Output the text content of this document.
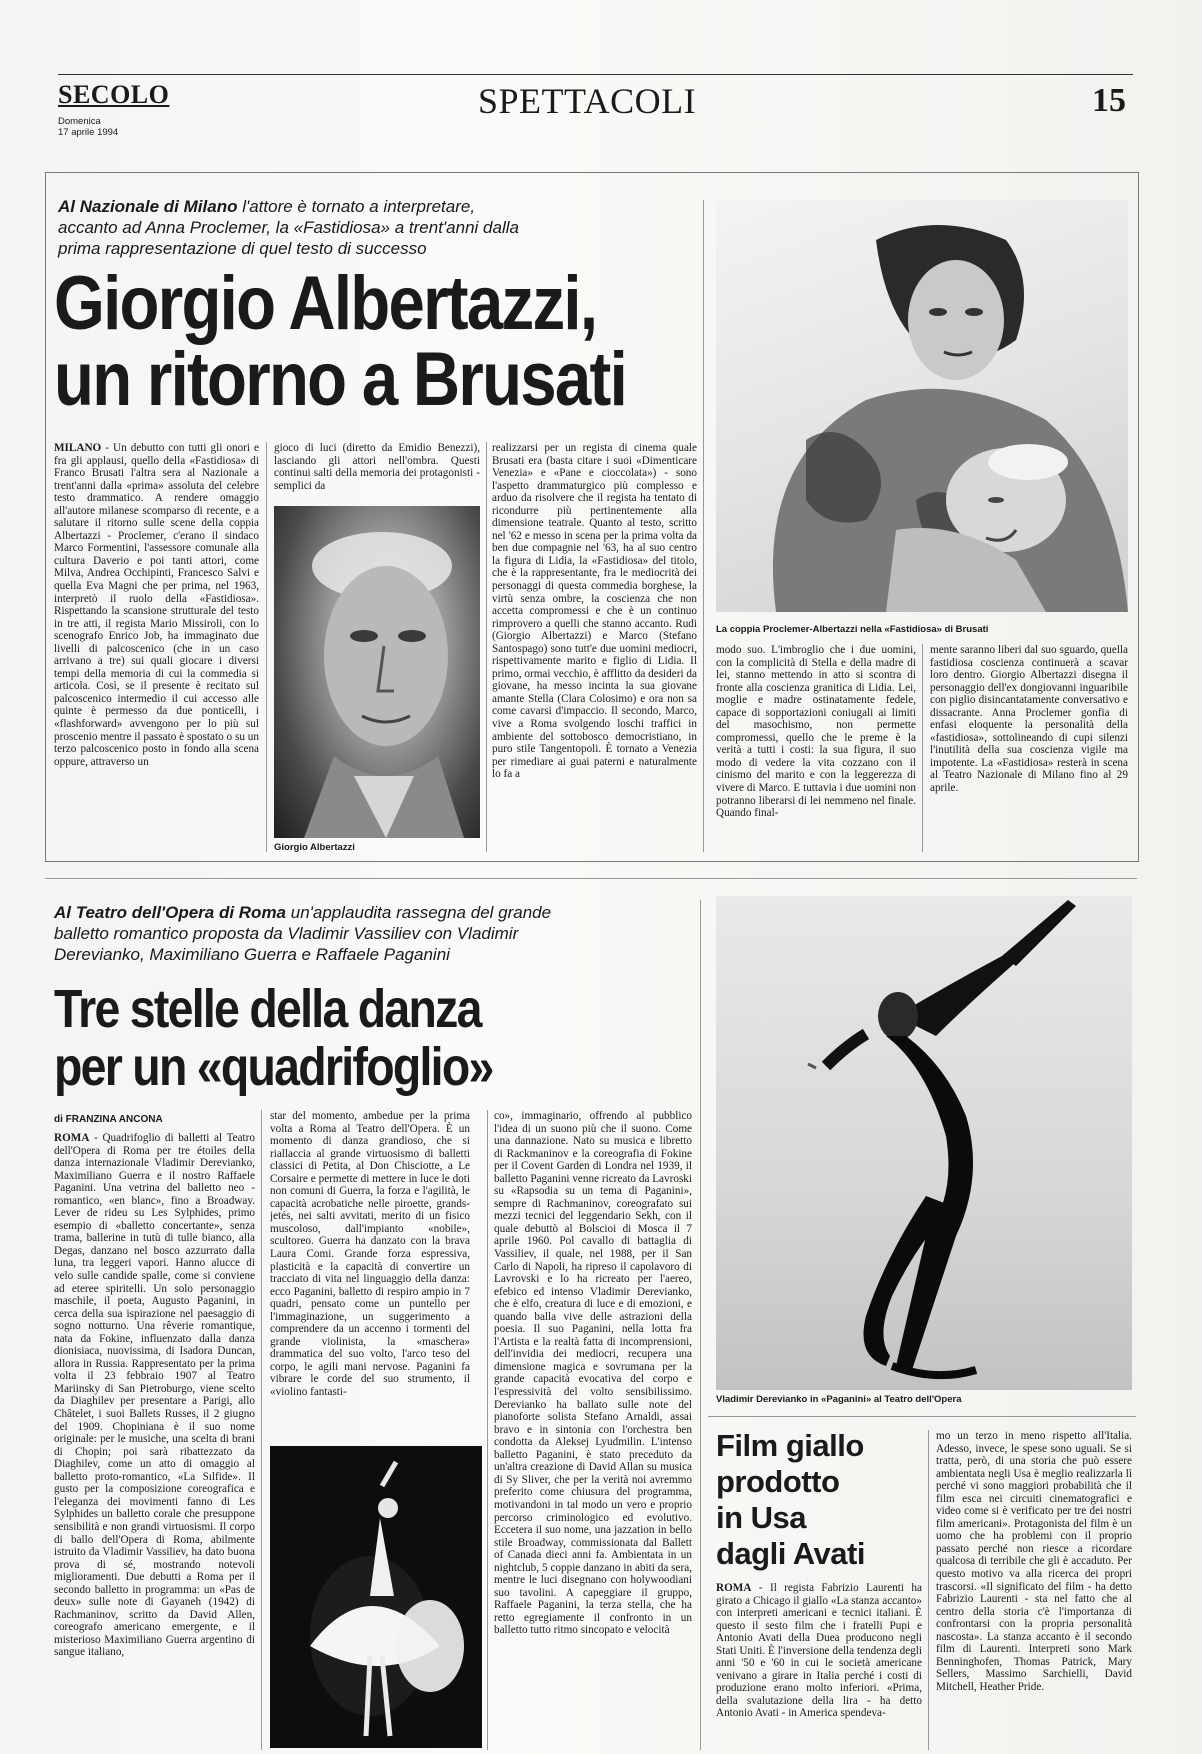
SECOLO
Domenica
17 aprile 1994
SPETTACOLI	15
Al Nazionale di Milano l'attore è tornato a interpretare, accanto ad Anna Proclemer, la «Fastidiosa» a trent'anni dalla prima rappresentazione di quel testo di successo
Giorgio Albertazzi,
un ritorno a Brusati
MILANO - Un debutto con tutti gli onori e fra gli applausi, quello della «Fastidiosa» di Franco Brusati l'altra sera al Nazionale a trent'anni dalla «prima» assoluta del celebre testo drammatico. A rendere omaggio all'autore milanese scomparso di recente, e a salutare il ritorno sulle scene della coppia Albertazzi - Proclemer, c'erano il sindaco Marco Formentini, l'assessore comunale alla cultura Daverio e poi tanti attori, come Milva, Andrea Occhipinti, Francesco Salvi e quella Eva Magni che per prima, nel 1963, interpretò il ruolo della «Fastidiosa». Rispettando la scansione strutturale del testo in tre atti, il regista Mario Missiroli, con lo scenografo Enrico Job, ha immaginato due livelli di palcoscenico (che in un caso arrivano a tre) sui quali giocare i diversi tempi della memoria di cui la commedia si articola. Così, se il presente è recitato sul palcoscenico intermedio il cui accesso alle quinte è permesso da due ponticelli, i «flashforward» avvengono per lo più sul proscenio mentre il passato è spostato o su un terzo palcoscenico posto in fondo alla scena oppure, attraverso un
gioco di luci (diretto da Emidio Benezzi), lasciando gli attori nell'ombra. Questi continui salti della memoria dei protagonisti - semplici da
Giorgio Albertazzi
realizzarsi per un regista di cinema quale Brusati era (basta citare i suoi «Dimenticare Venezia» e «Pane e cioccolata») - sono l'aspetto drammaturgico più complesso e arduo da risolvere che il regista ha tentato di ricondurre più pertinentemente alla dimensione teatrale. Quanto al testo, scritto nel '62 e messo in scena per la prima volta da ben due compagnie nel '63, ha al suo centro la figura di Lidia, la «Fastidiosa» del titolo, che è la rappresentante, fra le mediocrità dei personaggi di questa commedia borghese, la virtù senza ombre, la coscienza che non accetta compromessi e che è un continuo rimprovero a quelli che stanno accanto. Rudi (Giorgio Albertazzi) e Marco (Stefano Santospago) sono tutt'e due uomini mediocri, rispettivamente marito e figlio di Lidia. Il primo, ormai vecchio, è afflitto da desideri da giovane, ha messo incinta la sua giovane amante Stella (Clara Colosimo) e ora non sa come cavarsi d'impaccio. Il secondo, Marco, vive a Roma svolgendo loschi traffici in ambiente del sottobosco democristiano, in puro stile Tangentopoli. È tornato a Venezia per rimediare ai guai paterni e naturalmente lo fa a
La coppia Proclemer-Albertazzi nella «Fastidiosa» di Brusati
modo suo. L'imbroglio che i due uomini, con la complicità di Stella e della madre di lei, stanno mettendo in atto si scontra di fronte alla coscienza granitica di Lidia. Lei, moglie e madre ostinatamente fedele, capace di sopportazioni coniugali ai limiti del masochismo, non permette compromessi, quello che le preme è la verità a tutti i costi: la sua figura, il suo modo di vedere la vita cozzano con il cinismo del marito e con la leggerezza di vivere di Marco. E tuttavia i due uomini non potranno liberarsi di lei nemmeno nel finale. Quando final-
mente saranno liberi dal suo sguardo, quella fastidiosa coscienza continuerà a scavar loro dentro. Giorgio Albertazzi disegna il personaggio dell'ex dongiovanni inguaribile con piglio disincantatamente conversativo e dissacrante. Anna Proclemer gonfia di enfasi eloquente la personalità della «fastidiosa», sottolineando di cupi silenzi l'inutilità della sua coscienza vigile ma impotente. La «Fastidiosa» resterà in scena al Teatro Nazionale di Milano fino al 29 aprile.
Al Teatro dell'Opera di Roma un'applaudita rassegna del grande balletto romantico proposta da Vladimir Vassiliev con Vladimir Derevianko, Maximiliano Guerra e Raffaele Paganini
Tre stelle della danza
per un «quadrifoglio»
di FRANZINA ANCONA
ROMA - Quadrifoglio di balletti al Teatro dell'Opera di Roma per tre étoiles della danza internazionale Vladimir Derevianko, Maximiliano Guerra e il nostro Raffaele Paganini. Una vetrina del balletto neo - romantico, «en blanc», fino a Broadway. Lever de rideu su Les Sylphides, primo esempio di «balletto concertante», senza trama, ballerine in tutù di tulle bianco, alla Degas, danzano nel bosco azzurrato dalla luna, tra leggeri vapori. Hanno alucce di velo sulle candide spalle, come si conviene ad eteree spiritelli. Un solo personaggio maschile, il poeta, Augusto Paganini, in cerca della sua ispirazione nel paesaggio di sogno notturno. Una rêverie romantique, nata da Fokine, influenzato dalla danza dionisiaca, nuovissima, di Isadora Duncan, allora in Russia. Rappresentato per la prima volta il 23 febbraio 1907 al Teatro Mariinsky di San Pietroburgo, viene scelto da Diaghilev per presentare a Parigi, allo Châtelet, i suoi Ballets Russes, il 2 giugno del 1909. Chopiniana è il suo nome originale: per le musiche, una scelta di brani di Chopin; poi sarà ribattezzato da Diaghilev, come un atto di omaggio al balletto proto-romantico, «La Sılfide». Il gusto per la composizione coreografica e l'eleganza dei movimenti fanno di Les Sylphides un balletto corale che presuppone sensibilità e non grandi virtuosismi. Il corpo di ballo dell'Opera di Roma, abilmente istruito da Vladimir Vassiliev, ha dato buona prova di sé, mostrando notevoli miglioramenti. Due debutti a Roma per il secondo balletto in programma: un «Pas de deux» sulle note di Gayaneh (1942) di Rachmaninov, scritto da David Allen, coreografo americano emergente, e il misterioso Maximiliano Guerra argentino di sangue italiano,
star del momento, ambedue per la prima volta a Roma al Teatro dell'Opera. È un momento di danza grandioso, che si riallaccia al grande virtuosismo di balletti classici di Petita, al Don Chisciotte, a Le Corsaire e permette di mettere in luce le doti non comuni di Guerra, la forza e l'agilità, le capacità acrobatiche nelle piroette, grands-jetés, nei salti avvitati, merito di un fisico muscoloso, dall'impianto «nobile», scultoreo. Guerra ha danzato con la brava Laura Comi. Grande forza espressiva, plasticità e la capacità di convertire un tracciato di vita nel linguaggio della danza: ecco Paganini, balletto di respiro ampio in 7 quadri, pensato come un puntello per l'immaginazione, un suggerimento a comprendere da un accenno i tormenti del grande violinista, la «maschera» drammatica del suo volto, l'arco teso del corpo, le agili mani nervose. Paganini fa vibrare le corde del suo strumento, il «violino fantasti-
co», immaginario, offrendo al pubblico l'idea di un suono più che il suono. Come una dannazione. Nato su musica e libretto di Rackmaninov e la coreografia di Fokine per il Covent Garden di Londra nel 1939, il balletto Paganini venne ricreato da Lavroski su «Rapsodia su un tema di Paganini», sempre di Rachmaninov, coreografato sui mezzi tecnici del leggendario Sekh, con il quale debuttò al Bolscioi di Mosca il 7 aprile 1960. Pol cavallo di battaglia di Vassiliev, il quale, nel 1988, per il San Carlo di Napoli, ha ripreso il capolavoro di Lavrovski e lo ha ricreato per l'aereo, efebico ed intenso Vladimir Derevianko, che è elfo, creatura di luce e di emozioni, e quando balla vive delle astrazioni della poesia. Il suo Paganini, nella lotta fra l'Artista e la realtà fatta di incomprensioni, dell'invidia dei mediocri, recupera una dimensione magica e sovrumana per la grande capacità evocativa del corpo e l'espressività del volto sensibilissimo. Derevianko ha ballato sulle note del pianoforte solista Stefano Arnaldi, assai bravo e in sintonia con l'orchestra ben condotta da Aleksej Lyudmilin. L'intenso balletto Paganini, è stato preceduto da un'altra creazione di David Allan su musica di Sy Sliver, che per la verità noi avremmo preferito come chiusura del programma, motivandoni in tal modo un vero e proprio percorso criminologico ed evolutivo. Eccetera il suo nome, una jazzation in bello stile Broadway, commissionata dal Ballett of Canada dieci anni fa. Ambientata in un nightclub, 5 coppie danzano in abiti da sera, mentre le luci disegnano con holywoodiani suo tavolini. A capeggiare il gruppo, Raffaele Paganini, la terza stella, che ha retto egregiamente il confronto in un balletto tutto ritmo sincopato e velocità
Vladimir Derevianko in «Paganini» al Teatro dell'Opera
Film giallo
prodotto
in Usa
dagli Avati
ROMA - Il regista Fabrizio Laurenti ha girato a Chicago il giallo «La stanza accanto» con interpreti americani e tecnici italiani. È questo il sesto film che i fratelli Pupi e Antonio Avati della Duea producono negli Stati Uniti. È l'inversione della tendenza degli anni '50 e '60 in cui le società americane venivano a girare in Italia perché i costi di produzione erano molto inferiori. «Prima, della svalutazione della lira - ha detto Antonio Avati - in America spendeva-
mo un terzo in meno rispetto all'Italia. Adesso, invece, le spese sono uguali. Se si tratta, però, di una storia che può essere ambientata negli Usa è meglio realizzarla lì perché vi sono maggiori probabilità che il film esca nei circuiti cinematografici e video come si è verificato per tre dei nostri film americani». Protagonista del film è un uomo che ha problemi con il proprio passato perché non riesce a ricordare qualcosa di terribile che gli è accaduto. Per questo motivo va alla ricerca dei propri trascorsi. «Il significato del film - ha detto Fabrizio Laurenti - sta nel fatto che al centro della storia c'è l'importanza di confrontarsi con la propria personalità nascosta». La stanza accanto è il secondo film di Laurenti. Interpreti sono Mark Benninghofen, Thomas Patrick, Mary Sellers, Massimo Sarchielli, David Mitchell, Heather Pride.
